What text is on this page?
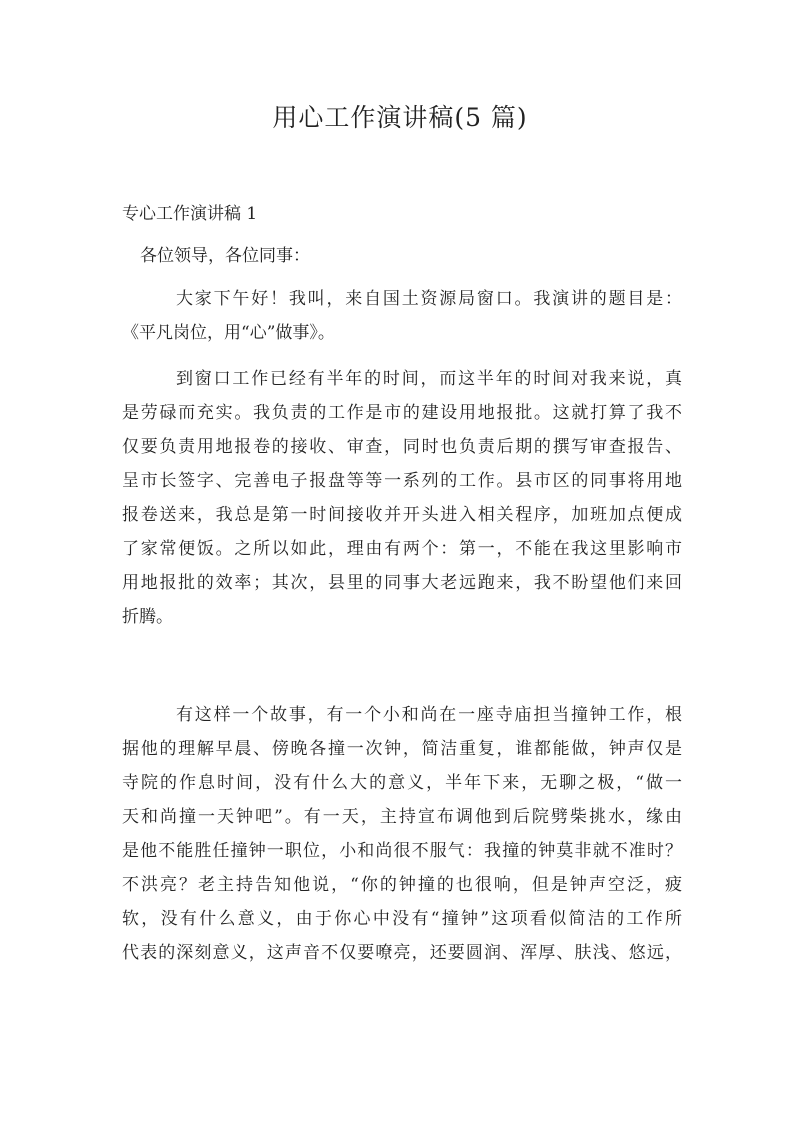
用心工作演讲稿(5 篇)
专心工作演讲稿 1

各位领导，各位同事：

大家下午好！我叫，来自国土资源局窗口。我演讲的题目是：
《平凡岗位，用“心”做事》。
到窗口工作已经有半年的时间，而这半年的时间对我来说，真
是劳碌而充实。我负责的工作是市的建设用地报批。这就打算了我不
仅要负责用地报卷的接收、审查，同时也负责后期的撰写审查报告、
呈市长签字、完善电子报盘等等一系列的工作。县市区的同事将用地
报卷送来，我总是第一时间接收并开头进入相关程序，加班加点便成
了家常便饭。之所以如此，理由有两个：第一，不能在我这里影响市
用地报批的效率；其次，县里的同事大老远跑来，我不盼望他们来回
折腾。
有这样一个故事，有一个小和尚在一座寺庙担当撞钟工作，根
据他的理解早晨、傍晚各撞一次钟，简洁重复，谁都能做，钟声仅是
寺院的作息时间，没有什么大的意义，半年下来，无聊之极，“做一
天和尚撞一天钟吧”。有一天，主持宣布调他到后院劈柴挑水，缘由
是他不能胜任撞钟一职位，小和尚很不服气：我撞的钟莫非就不准时？
不洪亮？老主持告知他说，“你的钟撞的也很响，但是钟声空泛，疲
软，没有什么意义，由于你心中没有“撞钟”这项看似简洁的工作所
代表的深刻意义，这声音不仅要嘹亮，还要圆润、浑厚、肤浅、悠远，
